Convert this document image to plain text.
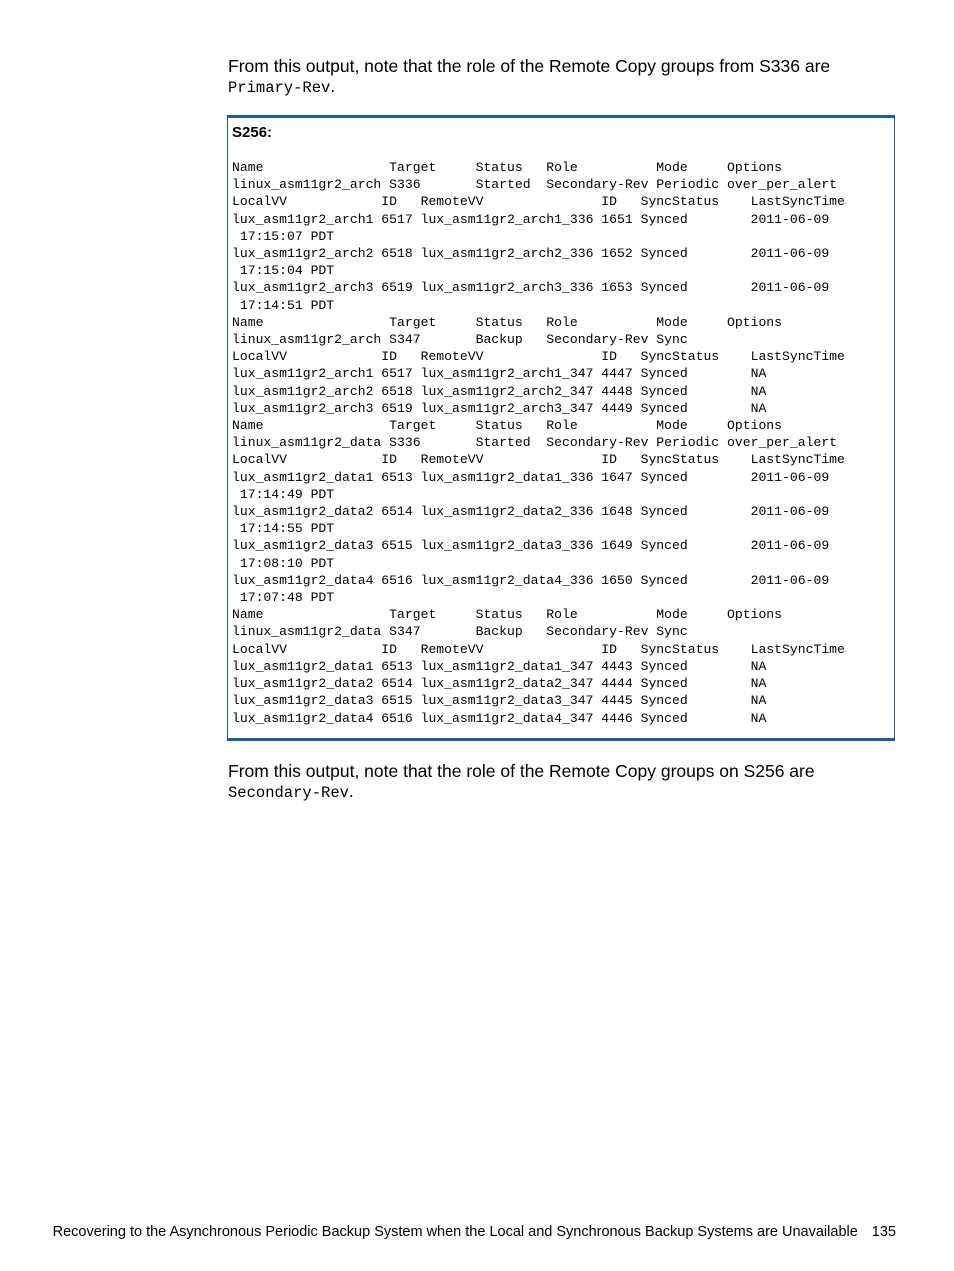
From this output, note that the role of the Remote Copy groups from S336 are
Primary-Rev.

S256:
Name                Target     Status   Role          Mode     Options
linux_asm11gr2_arch S336       Started  Secondary-Rev Periodic over_per_alert
LocalVV            ID   RemoteVV               ID   SyncStatus    LastSyncTime
lux_asm11gr2_arch1 6517 lux_asm11gr2_arch1_336 1651 Synced        2011-06-09
17:15:07 PDT
lux_asm11gr2_arch2 6518 lux_asm11gr2_arch2_336 1652 Synced        2011-06-09
17:15:04 PDT
lux_asm11gr2_arch3 6519 lux_asm11gr2_arch3_336 1653 Synced        2011-06-09
17:14:51 PDT
Name                Target     Status   Role          Mode     Options
linux_asm11gr2_arch S347       Backup   Secondary-Rev Sync
LocalVV            ID   RemoteVV               ID   SyncStatus    LastSyncTime
lux_asm11gr2_arch1 6517 lux_asm11gr2_arch1_347 4447 Synced        NA
lux_asm11gr2_arch2 6518 lux_asm11gr2_arch2_347 4448 Synced        NA
lux_asm11gr2_arch3 6519 lux_asm11gr2_arch3_347 4449 Synced        NA
Name                Target     Status   Role          Mode     Options
linux_asm11gr2_data S336       Started  Secondary-Rev Periodic over_per_alert
LocalVV            ID   RemoteVV               ID   SyncStatus    LastSyncTime
lux_asm11gr2_data1 6513 lux_asm11gr2_data1_336 1647 Synced        2011-06-09
17:14:49 PDT
lux_asm11gr2_data2 6514 lux_asm11gr2_data2_336 1648 Synced        2011-06-09
17:14:55 PDT
lux_asm11gr2_data3 6515 lux_asm11gr2_data3_336 1649 Synced        2011-06-09
17:08:10 PDT
lux_asm11gr2_data4 6516 lux_asm11gr2_data4_336 1650 Synced        2011-06-09
17:07:48 PDT
Name                Target     Status   Role          Mode     Options
linux_asm11gr2_data S347       Backup   Secondary-Rev Sync
LocalVV            ID   RemoteVV               ID   SyncStatus    LastSyncTime
lux_asm11gr2_data1 6513 lux_asm11gr2_data1_347 4443 Synced        NA
lux_asm11gr2_data2 6514 lux_asm11gr2_data2_347 4444 Synced        NA
lux_asm11gr2_data3 6515 lux_asm11gr2_data3_347 4445 Synced        NA
lux_asm11gr2_data4 6516 lux_asm11gr2_data4_347 4446 Synced        NA

From this output, note that the role of the Remote Copy groups on S256 are
Secondary-Rev.

Recovering to the Asynchronous Periodic Backup System when the Local and Synchronous Backup Systems are Unavailable 135
